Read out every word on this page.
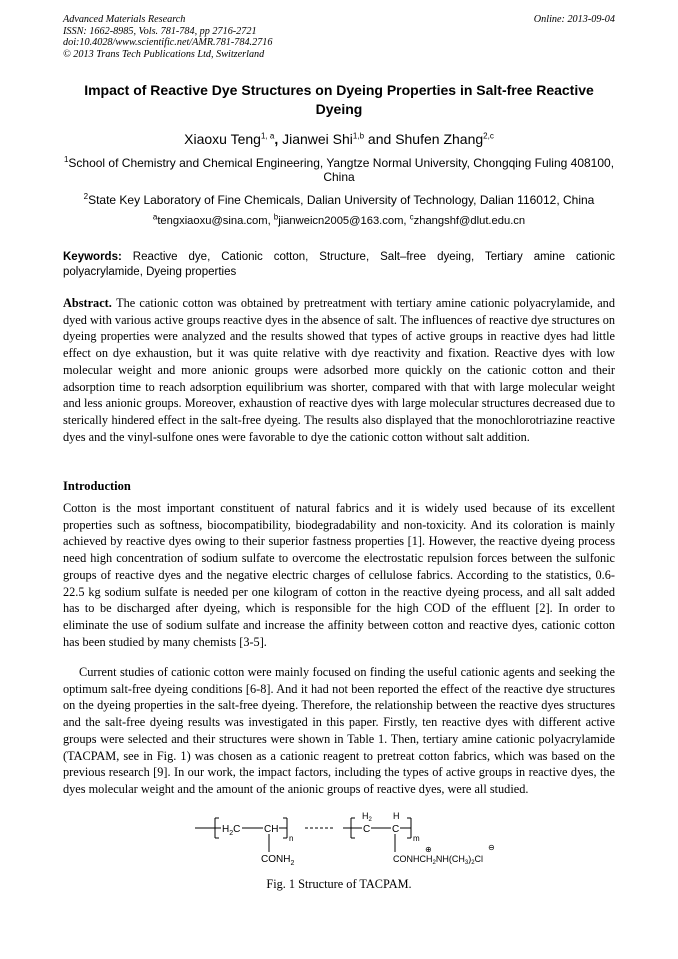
Advanced Materials Research
ISSN: 1662-8985, Vols. 781-784, pp 2716-2721
doi:10.4028/www.scientific.net/AMR.781-784.2716
© 2013 Trans Tech Publications Ltd, Switzerland
Online: 2013-09-04
Impact of Reactive Dye Structures on Dyeing Properties in Salt-free Reactive Dyeing
Xiaoxu Teng$^{1, a}$, Jianwei Shi$^{1,b}$ and Shufen Zhang$^{2,c}$
$^1$School of Chemistry and Chemical Engineering, Yangtze Normal University, Chongqing Fuling 408100, China
$^2$State Key Laboratory of Fine Chemicals, Dalian University of Technology, Dalian 116012, China
$^a$tengxiaoxu@sina.com, $^b$jianweicn2005@163.com, $^c$zhangshf@dlut.edu.cn
Keywords: Reactive dye, Cationic cotton, Structure, Salt–free dyeing, Tertiary amine cationic polyacrylamide, Dyeing properties
Abstract. The cationic cotton was obtained by pretreatment with tertiary amine cationic polyacrylamide, and dyed with various active groups reactive dyes in the absence of salt. The influences of reactive dye structures on dyeing properties were analyzed and the results showed that types of active groups in reactive dyes had little effect on dye exhaustion, but it was quite relative with dye reactivity and fixation. Reactive dyes with low molecular weight and more anionic groups were adsorbed more quickly on the cationic cotton and their adsorption time to reach adsorption equilibrium was shorter, compared with that with large molecular weight and less anionic groups. Moreover, exhaustion of reactive dyes with large molecular structures decreased due to sterically hindered effect in the salt-free dyeing. The results also displayed that the monochlorotriazine reactive dyes and the vinyl-sulfone ones were favorable to dye the cationic cotton without salt addition.
Introduction
Cotton is the most important constituent of natural fabrics and it is widely used because of its excellent properties such as softness, biocompatibility, biodegradability and non-toxicity. And its coloration is mainly achieved by reactive dyes owing to their superior fastness properties [1]. However, the reactive dyeing process need high concentration of sodium sulfate to overcome the electrostatic repulsion forces between the sulfonic groups of reactive dyes and the negative electric charges of cellulose fabrics. According to the statistics, 0.6-22.5 kg sodium sulfate is needed per one kilogram of cotton in the reactive dyeing process, and all salt added has to be discharged after dyeing, which is responsible for the high COD of the effluent [2]. In order to eliminate the use of sodium sulfate and increase the affinity between cotton and reactive dyes, cationic cotton has been studied by many chemists [3-5].
Current studies of cationic cotton were mainly focused on finding the useful cationic agents and seeking the optimum salt-free dyeing conditions [6-8]. And it had not been reported the effect of the reactive dye structures on the dyeing properties in the salt-free dyeing. Therefore, the relationship between the reactive dyes structures and the salt-free dyeing results was investigated in this paper. Firstly, ten reactive dyes with different active groups were selected and their structures were shown in Table 1. Then, tertiary amine cationic polyacrylamide (TACPAM, see in Fig. 1) was chosen as a cationic reagent to pretreat cotton fabrics, which was based on the previous research [9]. In our work, the impact factors, including the types of active groups in reactive dyes, the dyes molecular weight and the amount of the anionic groups of reactive dyes, were all studied.
$H_2C$ CH
n
$CONH_2$
$H_2$
C
H
C
m
⊕	⊖
$CONHCH_2NH(CH_3)_2Cl$
Fig. 1 Structure of TACPAM.
